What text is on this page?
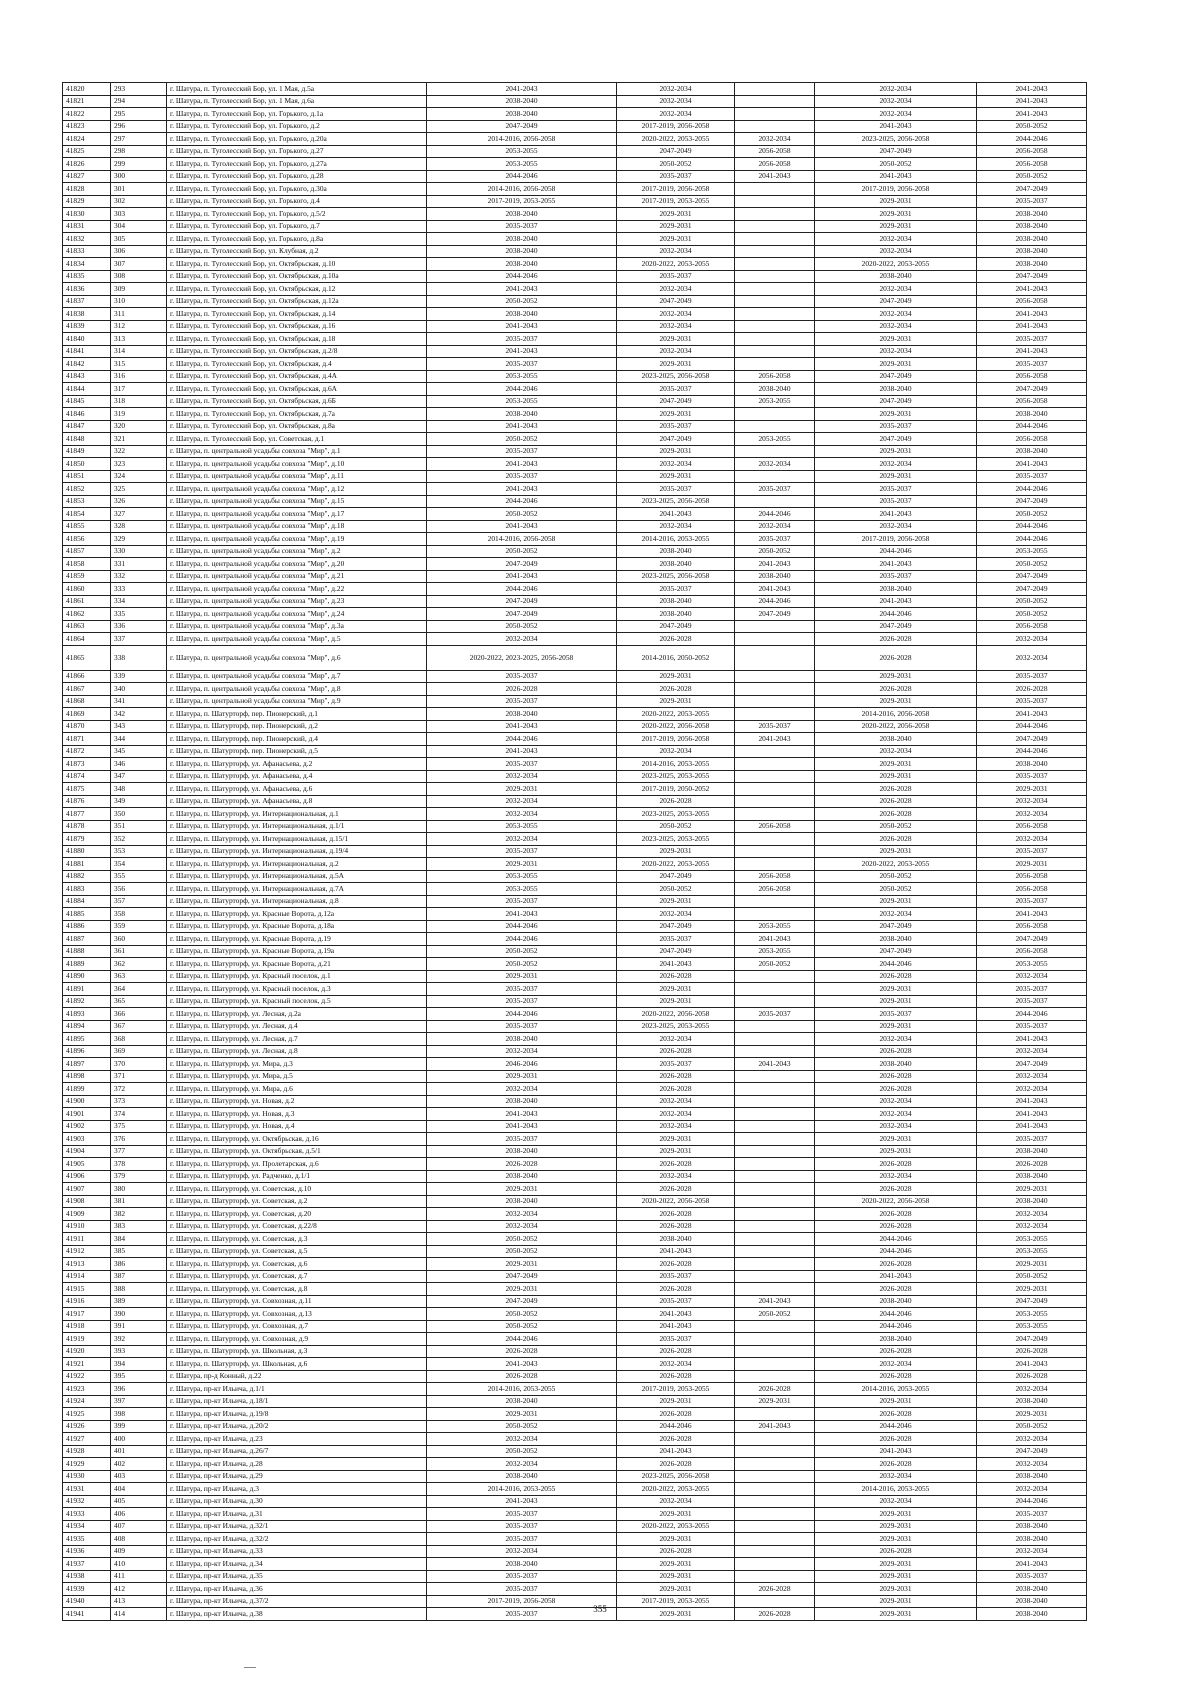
41820	293	г. Шатура, п. Туголесский Бор, ул. 1 Мая, д.5а	2041-2043	2032-2034		2032-2034	2041-2043
41821	294	г. Шатура, п. Туголесский Бор, ул. 1 Мая, д.6а	2038-2040	2032-2034		2032-2034	2041-2043
41822	295	г. Шатура, п. Туголесский Бор, ул. Горького, д.1а	2038-2040	2032-2034		2032-2034	2041-2043
41823	296	г. Шатура, п. Туголесский Бор, ул. Горького, д.2	2047-2049	2017-2019, 2056-2058		2041-2043	2050-2052
41824	297	г. Шатура, п. Туголесский Бор, ул. Горького, д.20а	2014-2016, 2056-2058	2020-2022, 2053-2055	2032-2034	2023-2025, 2056-2058	2044-2046
41825	298	г. Шатура, п. Туголесский Бор, ул. Горького, д.27	2053-2055	2047-2049	2056-2058	2047-2049	2056-2058
41826	299	г. Шатура, п. Туголесский Бор, ул. Горького, д.27а	2053-2055	2050-2052	2056-2058	2050-2052	2056-2058
41827	300	г. Шатура, п. Туголесский Бор, ул. Горького, д.28	2044-2046	2035-2037	2041-2043	2041-2043	2050-2052
41828	301	г. Шатура, п. Туголесский Бор, ул. Горького, д.30а	2014-2016, 2056-2058	2017-2019, 2056-2058		2017-2019, 2056-2058	2047-2049
41829	302	г. Шатура, п. Туголесский Бор, ул. Горького, д.4	2017-2019, 2053-2055	2017-2019, 2053-2055		2029-2031	2035-2037
41830	303	г. Шатура, п. Туголесский Бор, ул. Горького, д.5/2	2038-2040	2029-2031		2029-2031	2038-2040
41831	304	г. Шатура, п. Туголесский Бор, ул. Горького, д.7	2035-2037	2029-2031		2029-2031	2038-2040
41832	305	г. Шатура, п. Туголесский Бор, ул. Горького, д.8а	2038-2040	2029-2031		2032-2034	2038-2040
41833	306	г. Шатура, п. Туголесский Бор, ул. Клубная, д.2	2038-2040	2032-2034		2032-2034	2038-2040
41834	307	г. Шатура, п. Туголесский Бор, ул. Октябрьская, д.10	2038-2040	2020-2022, 2053-2055		2020-2022, 2053-2055	2038-2040
41835	308	г. Шатура, п. Туголесский Бор, ул. Октябрьская, д.10а	2044-2046	2035-2037		2038-2040	2047-2049
41836	309	г. Шатура, п. Туголесский Бор, ул. Октябрьская, д.12	2041-2043	2032-2034		2032-2034	2041-2043
41837	310	г. Шатура, п. Туголесский Бор, ул. Октябрьская, д.12а	2050-2052	2047-2049		2047-2049	2056-2058
41838	311	г. Шатура, п. Туголесский Бор, ул. Октябрьская, д.14	2038-2040	2032-2034		2032-2034	2041-2043
41839	312	г. Шатура, п. Туголесский Бор, ул. Октябрьская, д.16	2041-2043	2032-2034		2032-2034	2041-2043
41840	313	г. Шатура, п. Туголесский Бор, ул. Октябрьская, д.18	2035-2037	2029-2031		2029-2031	2035-2037
41841	314	г. Шатура, п. Туголесский Бор, ул. Октябрьская, д.2/8	2041-2043	2032-2034		2032-2034	2041-2043
41842	315	г. Шатура, п. Туголесский Бор, ул. Октябрьская, д.4	2035-2037	2029-2031		2029-2031	2035-2037
41843	316	г. Шатура, п. Туголесский Бор, ул. Октябрьская, д.4А	2053-2055	2023-2025, 2056-2058	2056-2058	2047-2049	2056-2058
41844	317	г. Шатура, п. Туголесский Бор, ул. Октябрьская, д.6А	2044-2046	2035-2037	2038-2040	2038-2040	2047-2049
41845	318	г. Шатура, п. Туголесский Бор, ул. Октябрьская, д.6Б	2053-2055	2047-2049	2053-2055	2047-2049	2056-2058
41846	319	г. Шатура, п. Туголесский Бор, ул. Октябрьская, д.7а	2038-2040	2029-2031		2029-2031	2038-2040
41847	320	г. Шатура, п. Туголесский Бор, ул. Октябрьская, д.8а	2041-2043	2035-2037		2035-2037	2044-2046
41848	321	г. Шатура, п. Туголесский Бор, ул. Советская, д.1	2050-2052	2047-2049	2053-2055	2047-2049	2056-2058
41849	322	г. Шатура, п. центральной усадьбы совхоза "Мир", д.1	2035-2037	2029-2031		2029-2031	2038-2040
41850	323	г. Шатура, п. центральной усадьбы совхоза "Мир", д.10	2041-2043	2032-2034	2032-2034	2032-2034	2041-2043
41851	324	г. Шатура, п. центральной усадьбы совхоза "Мир", д.11	2035-2037	2029-2031		2029-2031	2035-2037
41852	325	г. Шатура, п. центральной усадьбы совхоза "Мир", д.12	2041-2043	2035-2037	2035-2037	2035-2037	2044-2046
41853	326	г. Шатура, п. центральной усадьбы совхоза "Мир", д.15	2044-2046	2023-2025, 2056-2058		2035-2037	2047-2049
41854	327	г. Шатура, п. центральной усадьбы совхоза "Мир", д.17	2050-2052	2041-2043	2044-2046	2041-2043	2050-2052
41855	328	г. Шатура, п. центральной усадьбы совхоза "Мир", д.18	2041-2043	2032-2034	2032-2034	2032-2034	2044-2046
41856	329	г. Шатура, п. центральной усадьбы совхоза "Мир", д.19	2014-2016, 2056-2058	2014-2016, 2053-2055	2035-2037	2017-2019, 2056-2058	2044-2046
41857	330	г. Шатура, п. центральной усадьбы совхоза "Мир", д.2	2050-2052	2038-2040	2050-2052	2044-2046	2053-2055
41858	331	г. Шатура, п. центральной усадьбы совхоза "Мир", д.20	2047-2049	2038-2040	2041-2043	2041-2043	2050-2052
41859	332	г. Шатура, п. центральной усадьбы совхоза "Мир", д.21	2041-2043	2023-2025, 2056-2058	2038-2040	2035-2037	2047-2049
41860	333	г. Шатура, п. центральной усадьбы совхоза "Мир", д.22	2044-2046	2035-2037	2041-2043	2038-2040	2047-2049
41861	334	г. Шатура, п. центральной усадьбы совхоза "Мир", д.23	2047-2049	2038-2040	2044-2046	2041-2043	2050-2052
41862	335	г. Шатура, п. центральной усадьбы совхоза "Мир", д.24	2047-2049	2038-2040	2047-2049	2044-2046	2050-2052
41863	336	г. Шатура, п. центральной усадьбы совхоза "Мир", д.3а	2050-2052	2047-2049		2047-2049	2056-2058
41864	337	г. Шатура, п. центральной усадьбы совхоза "Мир", д.5	2032-2034	2026-2028		2026-2028	2032-2034
41865	338	г. Шатура, п. центральной усадьбы совхоза "Мир", д.6	2020-2022, 2023-2025, 2056-2058	2014-2016, 2050-2052		2026-2028	2032-2034
41866	339	г. Шатура, п. центральной усадьбы совхоза "Мир", д.7	2035-2037	2029-2031		2029-2031	2035-2037
41867	340	г. Шатура, п. центральной усадьбы совхоза "Мир", д.8	2026-2028	2026-2028		2026-2028	2026-2028
41868	341	г. Шатура, п. центральной усадьбы совхоза "Мир", д.9	2035-2037	2029-2031		2029-2031	2035-2037
41869	342	г. Шатура, п. Шатурторф, пер. Пионерский, д.1	2038-2040	2020-2022, 2053-2055		2014-2016, 2056-2058	2041-2043
41870	343	г. Шатура, п. Шатурторф, пер. Пионерский, д.2	2041-2043	2020-2022, 2056-2058	2035-2037	2020-2022, 2056-2058	2044-2046
41871	344	г. Шатура, п. Шатурторф, пер. Пионерский, д.4	2044-2046	2017-2019, 2056-2058	2041-2043	2038-2040	2047-2049
41872	345	г. Шатура, п. Шатурторф, пер. Пионерский, д.5	2041-2043	2032-2034		2032-2034	2044-2046
41873	346	г. Шатура, п. Шатурторф, ул. Афанасьева, д.2	2035-2037	2014-2016, 2053-2055		2029-2031	2038-2040
41874	347	г. Шатура, п. Шатурторф, ул. Афанасьева, д.4	2032-2034	2023-2025, 2053-2055		2029-2031	2035-2037
41875	348	г. Шатура, п. Шатурторф, ул. Афанасьева, д.6	2029-2031	2017-2019, 2050-2052		2026-2028	2029-2031
41876	349	г. Шатура, п. Шатурторф, ул. Афанасьева, д.8	2032-2034	2026-2028		2026-2028	2032-2034
41877	350	г. Шатура, п. Шатурторф, ул. Интернациональная, д.1	2032-2034	2023-2025, 2053-2055		2026-2028	2032-2034
41878	351	г. Шатура, п. Шатурторф, ул. Интернациональная, д.1/1	2053-2055	2050-2052	2056-2058	2050-2052	2056-2058
41879	352	г. Шатура, п. Шатурторф, ул. Интернациональная, д.15/1	2032-2034	2023-2025, 2053-2055		2026-2028	2032-2034
41880	353	г. Шатура, п. Шатурторф, ул. Интернациональная, д.19/4	2035-2037	2029-2031		2029-2031	2035-2037
41881	354	г. Шатура, п. Шатурторф, ул. Интернациональная, д.2	2029-2031	2020-2022, 2053-2055		2020-2022, 2053-2055	2029-2031
41882	355	г. Шатура, п. Шатурторф, ул. Интернациональная, д.5А	2053-2055	2047-2049	2056-2058	2050-2052	2056-2058
41883	356	г. Шатура, п. Шатурторф, ул. Интернациональная, д.7А	2053-2055	2050-2052	2056-2058	2050-2052	2056-2058
41884	357	г. Шатура, п. Шатурторф, ул. Интернациональная, д.8	2035-2037	2029-2031		2029-2031	2035-2037
41885	358	г. Шатура, п. Шатурторф, ул. Красные Ворота, д.12а	2041-2043	2032-2034		2032-2034	2041-2043
41886	359	г. Шатура, п. Шатурторф, ул. Красные Ворота, д.18а	2044-2046	2047-2049	2053-2055	2047-2049	2056-2058
41887	360	г. Шатура, п. Шатурторф, ул. Красные Ворота, д.19	2044-2046	2035-2037	2041-2043	2038-2040	2047-2049
41888	361	г. Шатура, п. Шатурторф, ул. Красные Ворота, д.19а	2050-2052	2047-2049	2053-2055	2047-2049	2056-2058
41889	362	г. Шатура, п. Шатурторф, ул. Красные Ворота, д.21	2050-2052	2041-2043	2050-2052	2044-2046	2053-2055
41890	363	г. Шатура, п. Шатурторф, ул. Красный поселок, д.1	2029-2031	2026-2028		2026-2028	2032-2034
41891	364	г. Шатура, п. Шатурторф, ул. Красный поселок, д.3	2035-2037	2029-2031		2029-2031	2035-2037
41892	365	г. Шатура, п. Шатурторф, ул. Красный поселок, д.5	2035-2037	2029-2031		2029-2031	2035-2037
41893	366	г. Шатура, п. Шатурторф, ул. Лесная, д.2а	2044-2046	2020-2022, 2056-2058	2035-2037	2035-2037	2044-2046
41894	367	г. Шатура, п. Шатурторф, ул. Лесная, д.4	2035-2037	2023-2025, 2053-2055		2029-2031	2035-2037
41895	368	г. Шатура, п. Шатурторф, ул. Лесная, д.7	2038-2040	2032-2034		2032-2034	2041-2043
41896	369	г. Шатура, п. Шатурторф, ул. Лесная, д.8	2032-2034	2026-2028		2026-2028	2032-2034
41897	370	г. Шатура, п. Шатурторф, ул. Мира, д.3	2046-2046	2035-2037	2041-2043	2038-2040	2047-2049
41898	371	г. Шатура, п. Шатурторф, ул. Мира, д.5	2029-2031	2026-2028		2026-2028	2032-2034
41899	372	г. Шатура, п. Шатурторф, ул. Мира, д.6	2032-2034	2026-2028		2026-2028	2032-2034
41900	373	г. Шатура, п. Шатурторф, ул. Новая, д.2	2038-2040	2032-2034		2032-2034	2041-2043
41901	374	г. Шатура, п. Шатурторф, ул. Новая, д.3	2041-2043	2032-2034		2032-2034	2041-2043
41902	375	г. Шатура, п. Шатурторф, ул. Новая, д.4	2041-2043	2032-2034		2032-2034	2041-2043
41903	376	г. Шатура, п. Шатурторф, ул. Октябрьская, д.16	2035-2037	2029-2031		2029-2031	2035-2037
41904	377	г. Шатура, п. Шатурторф, ул. Октябрьская, д.5/1	2038-2040	2029-2031		2029-2031	2038-2040
41905	378	г. Шатура, п. Шатурторф, ул. Пролетарская, д.6	2026-2028	2026-2028		2026-2028	2026-2028
41906	379	г. Шатура, п. Шатурторф, ул. Радченко, д.1/1	2038-2040	2032-2034		2032-2034	2038-2040
41907	380	г. Шатура, п. Шатурторф, ул. Советская, д.10	2029-2031	2026-2028		2026-2028	2029-2031
41908	381	г. Шатура, п. Шатурторф, ул. Советская, д.2	2038-2040	2020-2022, 2056-2058		2020-2022, 2056-2058	2038-2040
41909	382	г. Шатура, п. Шатурторф, ул. Советская, д.20	2032-2034	2026-2028		2026-2028	2032-2034
41910	383	г. Шатура, п. Шатурторф, ул. Советская, д.22/8	2032-2034	2026-2028		2026-2028	2032-2034
41911	384	г. Шатура, п. Шатурторф, ул. Советская, д.3	2050-2052	2038-2040		2044-2046	2053-2055
41912	385	г. Шатура, п. Шатурторф, ул. Советская, д.5	2050-2052	2041-2043		2044-2046	2053-2055
41913	386	г. Шатура, п. Шатурторф, ул. Советская, д.6	2029-2031	2026-2028		2026-2028	2029-2031
41914	387	г. Шатура, п. Шатурторф, ул. Советская, д.7	2047-2049	2035-2037		2041-2043	2050-2052
41915	388	г. Шатура, п. Шатурторф, ул. Советская, д.8	2029-2031	2026-2028		2026-2028	2029-2031
41916	389	г. Шатура, п. Шатурторф, ул. Совхозная, д.11	2047-2049	2035-2037	2041-2043	2038-2040	2047-2049
41917	390	г. Шатура, п. Шатурторф, ул. Совхозная, д.13	2050-2052	2041-2043	2050-2052	2044-2046	2053-2055
41918	391	г. Шатура, п. Шатурторф, ул. Совхозная, д.7	2050-2052	2041-2043		2044-2046	2053-2055
41919	392	г. Шатура, п. Шатурторф, ул. Совхозная, д.9	2044-2046	2035-2037		2038-2040	2047-2049
41920	393	г. Шатура, п. Шатурторф, ул. Школьная, д.3	2026-2028	2026-2028		2026-2028	2026-2028
41921	394	г. Шатура, п. Шатурторф, ул. Школьная, д.6	2041-2043	2032-2034		2032-2034	2041-2043
41922	395	г. Шатура, пр-д Конный, д.22	2026-2028	2026-2028		2026-2028	2026-2028
41923	396	г. Шатура, пр-кт Ильича, д.1/1	2014-2016, 2053-2055	2017-2019, 2053-2055	2026-2028	2014-2016, 2053-2055	2032-2034
41924	397	г. Шатура, пр-кт Ильича, д.18/1	2038-2040	2029-2031	2029-2031	2029-2031	2038-2040
41925	398	г. Шатура, пр-кт Ильича, д.19/8	2029-2031	2026-2028		2026-2028	2029-2031
41926	399	г. Шатура, пр-кт Ильича, д.20/2	2050-2052	2044-2046	2041-2043	2044-2046	2050-2052
41927	400	г. Шатура, пр-кт Ильича, д.23	2032-2034	2026-2028		2026-2028	2032-2034
41928	401	г. Шатура, пр-кт Ильича, д.26/7	2050-2052	2041-2043		2041-2043	2047-2049
41929	402	г. Шатура, пр-кт Ильича, д.28	2032-2034	2026-2028		2026-2028	2032-2034
41930	403	г. Шатура, пр-кт Ильича, д.29	2038-2040	2023-2025, 2056-2058		2032-2034	2038-2040
41931	404	г. Шатура, пр-кт Ильича, д.3	2014-2016, 2053-2055	2020-2022, 2053-2055		2014-2016, 2053-2055	2032-2034
41932	405	г. Шатура, пр-кт Ильича, д.30	2041-2043	2032-2034		2032-2034	2044-2046
41933	406	г. Шатура, пр-кт Ильича, д.31	2035-2037	2029-2031		2029-2031	2035-2037
41934	407	г. Шатура, пр-кт Ильича, д.32/1	2035-2037	2020-2022, 2053-2055		2029-2031	2038-2040
41935	408	г. Шатура, пр-кт Ильича, д.32/2	2035-2037	2029-2031		2029-2031	2038-2040
41936	409	г. Шатура, пр-кт Ильича, д.33	2032-2034	2026-2028		2026-2028	2032-2034
41937	410	г. Шатура, пр-кт Ильича, д.34	2038-2040	2029-2031		2029-2031	2041-2043
41938	411	г. Шатура, пр-кт Ильича, д.35	2035-2037	2029-2031		2029-2031	2035-2037
41939	412	г. Шатура, пр-кт Ильича, д.36	2035-2037	2029-2031	2026-2028	2029-2031	2038-2040
41940	413	г. Шатура, пр-кт Ильича, д.37/2	2017-2019, 2056-2058	2017-2019, 2053-2055		2029-2031	2038-2040
41941	414	г. Шатура, пр-кт Ильича, д.38	2035-2037	2029-2031	2026-2028	2029-2031	2038-2040
355
